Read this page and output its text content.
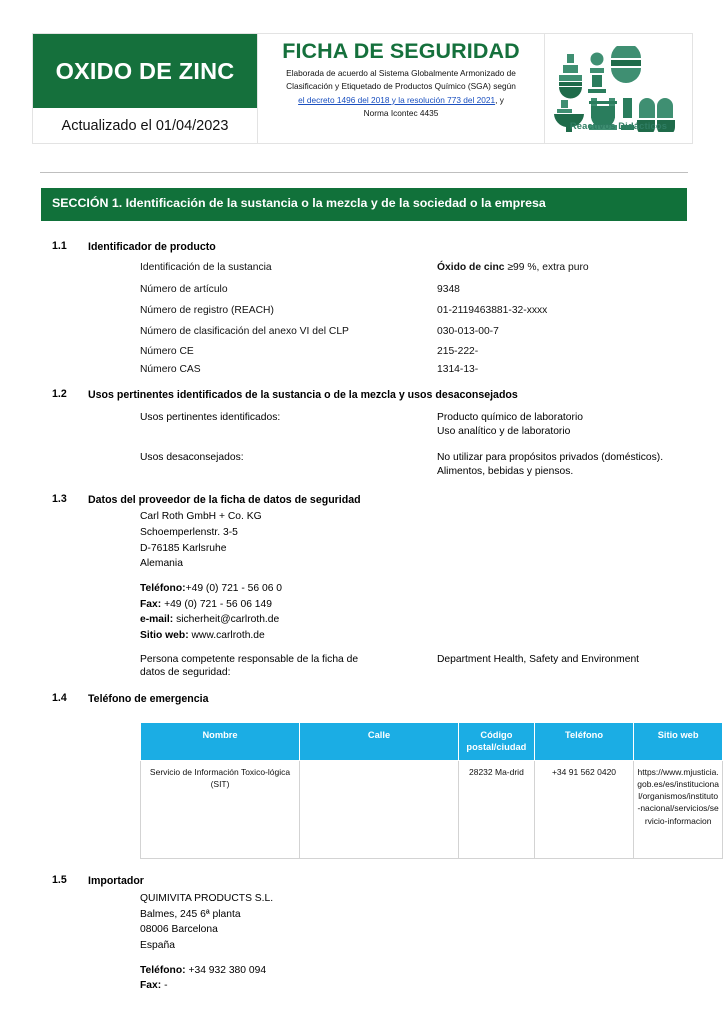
OXIDO DE ZINC
Actualizado el 01/04/2023
FICHA DE SEGURIDAD
Elaborada de acuerdo al Sistema Globalmente Armonizado de
Clasificación y Etiquetado de Productos Químico (SGA) según
el decreto 1496 del 2018 y la resolución 773 del 2021, y
Norma Icontec 4435
Reactivos Didácticos
SECCIÓN 1. Identificación de la sustancia o la mezcla y de la sociedad o la empresa
1.1 Identificador de producto
Identificación de la sustancia	Óxido de cinc ≥99 %, extra puro
Número de artículo	9348
Número de registro (REACH)	01-2119463881-32-xxxx
Número de clasificación del anexo VI del CLP	030-013-00-7
Número CE	215-222-
Número CAS	1314-13-
1.2 Usos pertinentes identificados de la sustancia o de la mezcla y usos desaconsejados
Usos pertinentes identificados:	Producto químico de laboratorio
Uso analítico y de laboratorio
Usos desaconsejados:	No utilizar para propósitos privados (domésticos).
Alimentos, bebidas y piensos.
1.3 Datos del proveedor de la ficha de datos de seguridad
Carl Roth GmbH + Co. KG
Schoemperlenstr. 3-5
D-76185 Karlsruhe
Alemania
Teléfono:+49 (0) 721 - 56 06 0
Fax: +49 (0) 721 - 56 06 149
e-mail: sicherheit@carlroth.de
Sitio web: www.carlroth.de
Persona competente responsable de la ficha de
datos de seguridad:
Department Health, Safety and Environment
1.4 Teléfono de emergencia
Nombre	Calle	Código postal/ciudad	Teléfono	Sitio web
Servicio de Información Toxico-lógica (SIT)		28232 Ma-drid	+34 91 562 0420	https://www.mjusticia.gob.es/es/institucional/organismos/instituto-nacional/servicios/servicio-informacion
1.5 Importador
QUIMIVITA PRODUCTS S.L.
Balmes, 245 6ª planta
08006 Barcelona
España
Teléfono: +34 932 380 094
Fax: -
